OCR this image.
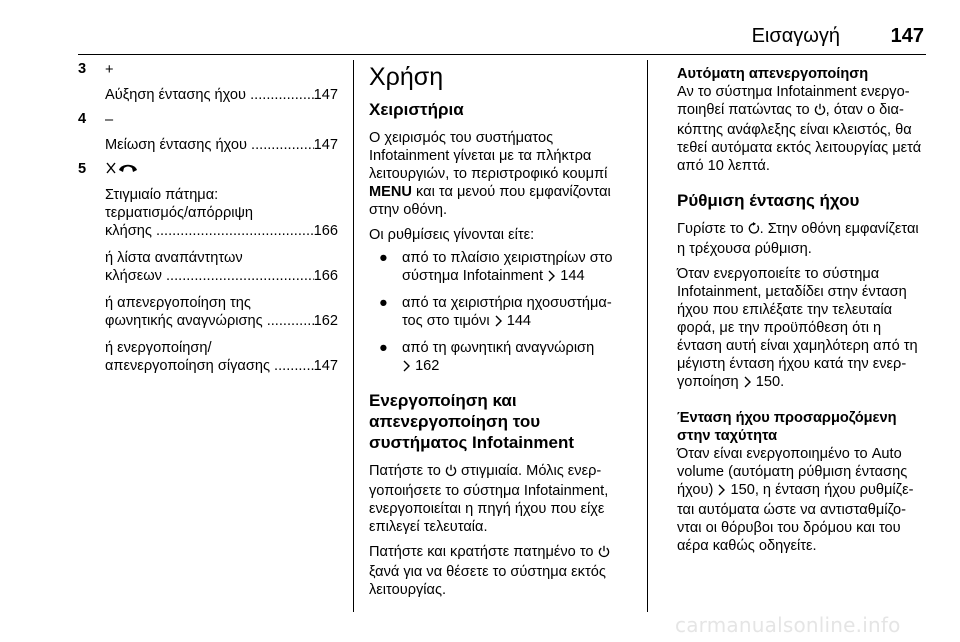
Εισαγωγή	147
3 +
Αύξηση έντασης ήχου
.....	147
4 –
Μείωση έντασης ήχου
.....	147
5
Στιγμιαίο πάτημα:
τερματισμός/απόρριψη
κλήσης
.....	166
ή λίστα αναπάντητων
κλήσεων
.....	166
ή απενεργοποίηση της
φωνητικής αναγνώρισης
.....	162
ή ενεργοποίηση/
απενεργοποίηση σίγασης
.....	147
Χρήση
Χειριστήρια

Ο χειρισμός του συστήματος Infotainment γίνεται με τα πλήκτρα λειτουργιών, το περιστροφικό κουμπί MENU και τα μενού που εμφανίζονται στην οθόνη.

Οι ρυθμίσεις γίνονται είτε:

● από το πλαίσιο χειριστηρίων στο σύστημα Infotainment 144
● από τα χειριστήρια ηχοσυστήμα-τος στο τιμόνι 144
● από τη φωνητική αναγνώριση  162
Ενεργοποίηση και απενεργοποίηση του συστήματος Infotainment

Πατήστε το  στιγμιαία. Μόλις ενερ-γοποιήσετε το σύστημα Infotainment, ενεργοποιείται η πηγή ήχου που είχε επιλεγεί τελευταία.

Πατήστε και κρατήστε πατημένο το  ξανά για να θέσετε το σύστημα εκτός λειτουργίας.

Αυτόματη απενεργοποίηση

Αν το σύστημα Infotainment ενεργο-ποιηθεί πατώντας το , όταν ο δια-κόπτης ανάφλεξης είναι κλειστός, θα τεθεί αυτόματα εκτός λειτουργίας μετά από 10 λεπτά.

Ρύθμιση έντασης ήχου

Γυρίστε το . Στην οθόνη εμφανίζεται η τρέχουσα ρύθμιση.

Όταν ενεργοποιείτε το σύστημα Infotainment, μεταδίδει στην ένταση ήχου που επιλέξατε την τελευταία φορά, με την προϋπόθεση ότι η ένταση αυτή είναι χαμηλότερη από τη μέγιστη ένταση ήχου κατά την ενερ-γοποίηση 150.

Ένταση ήχου προσαρμοζόμενη στην ταχύτητα

Όταν είναι ενεργοποιημένο το Auto volume (αυτόματη ρύθμιση έντασης ήχου) 150, η ένταση ήχου ρυθμίζε-ται αυτόματα ώστε να αντισταθμίζο-νται οι θόρυβοι του δρόμου και του αέρα καθώς οδηγείτε.

carmanualsonline.info
